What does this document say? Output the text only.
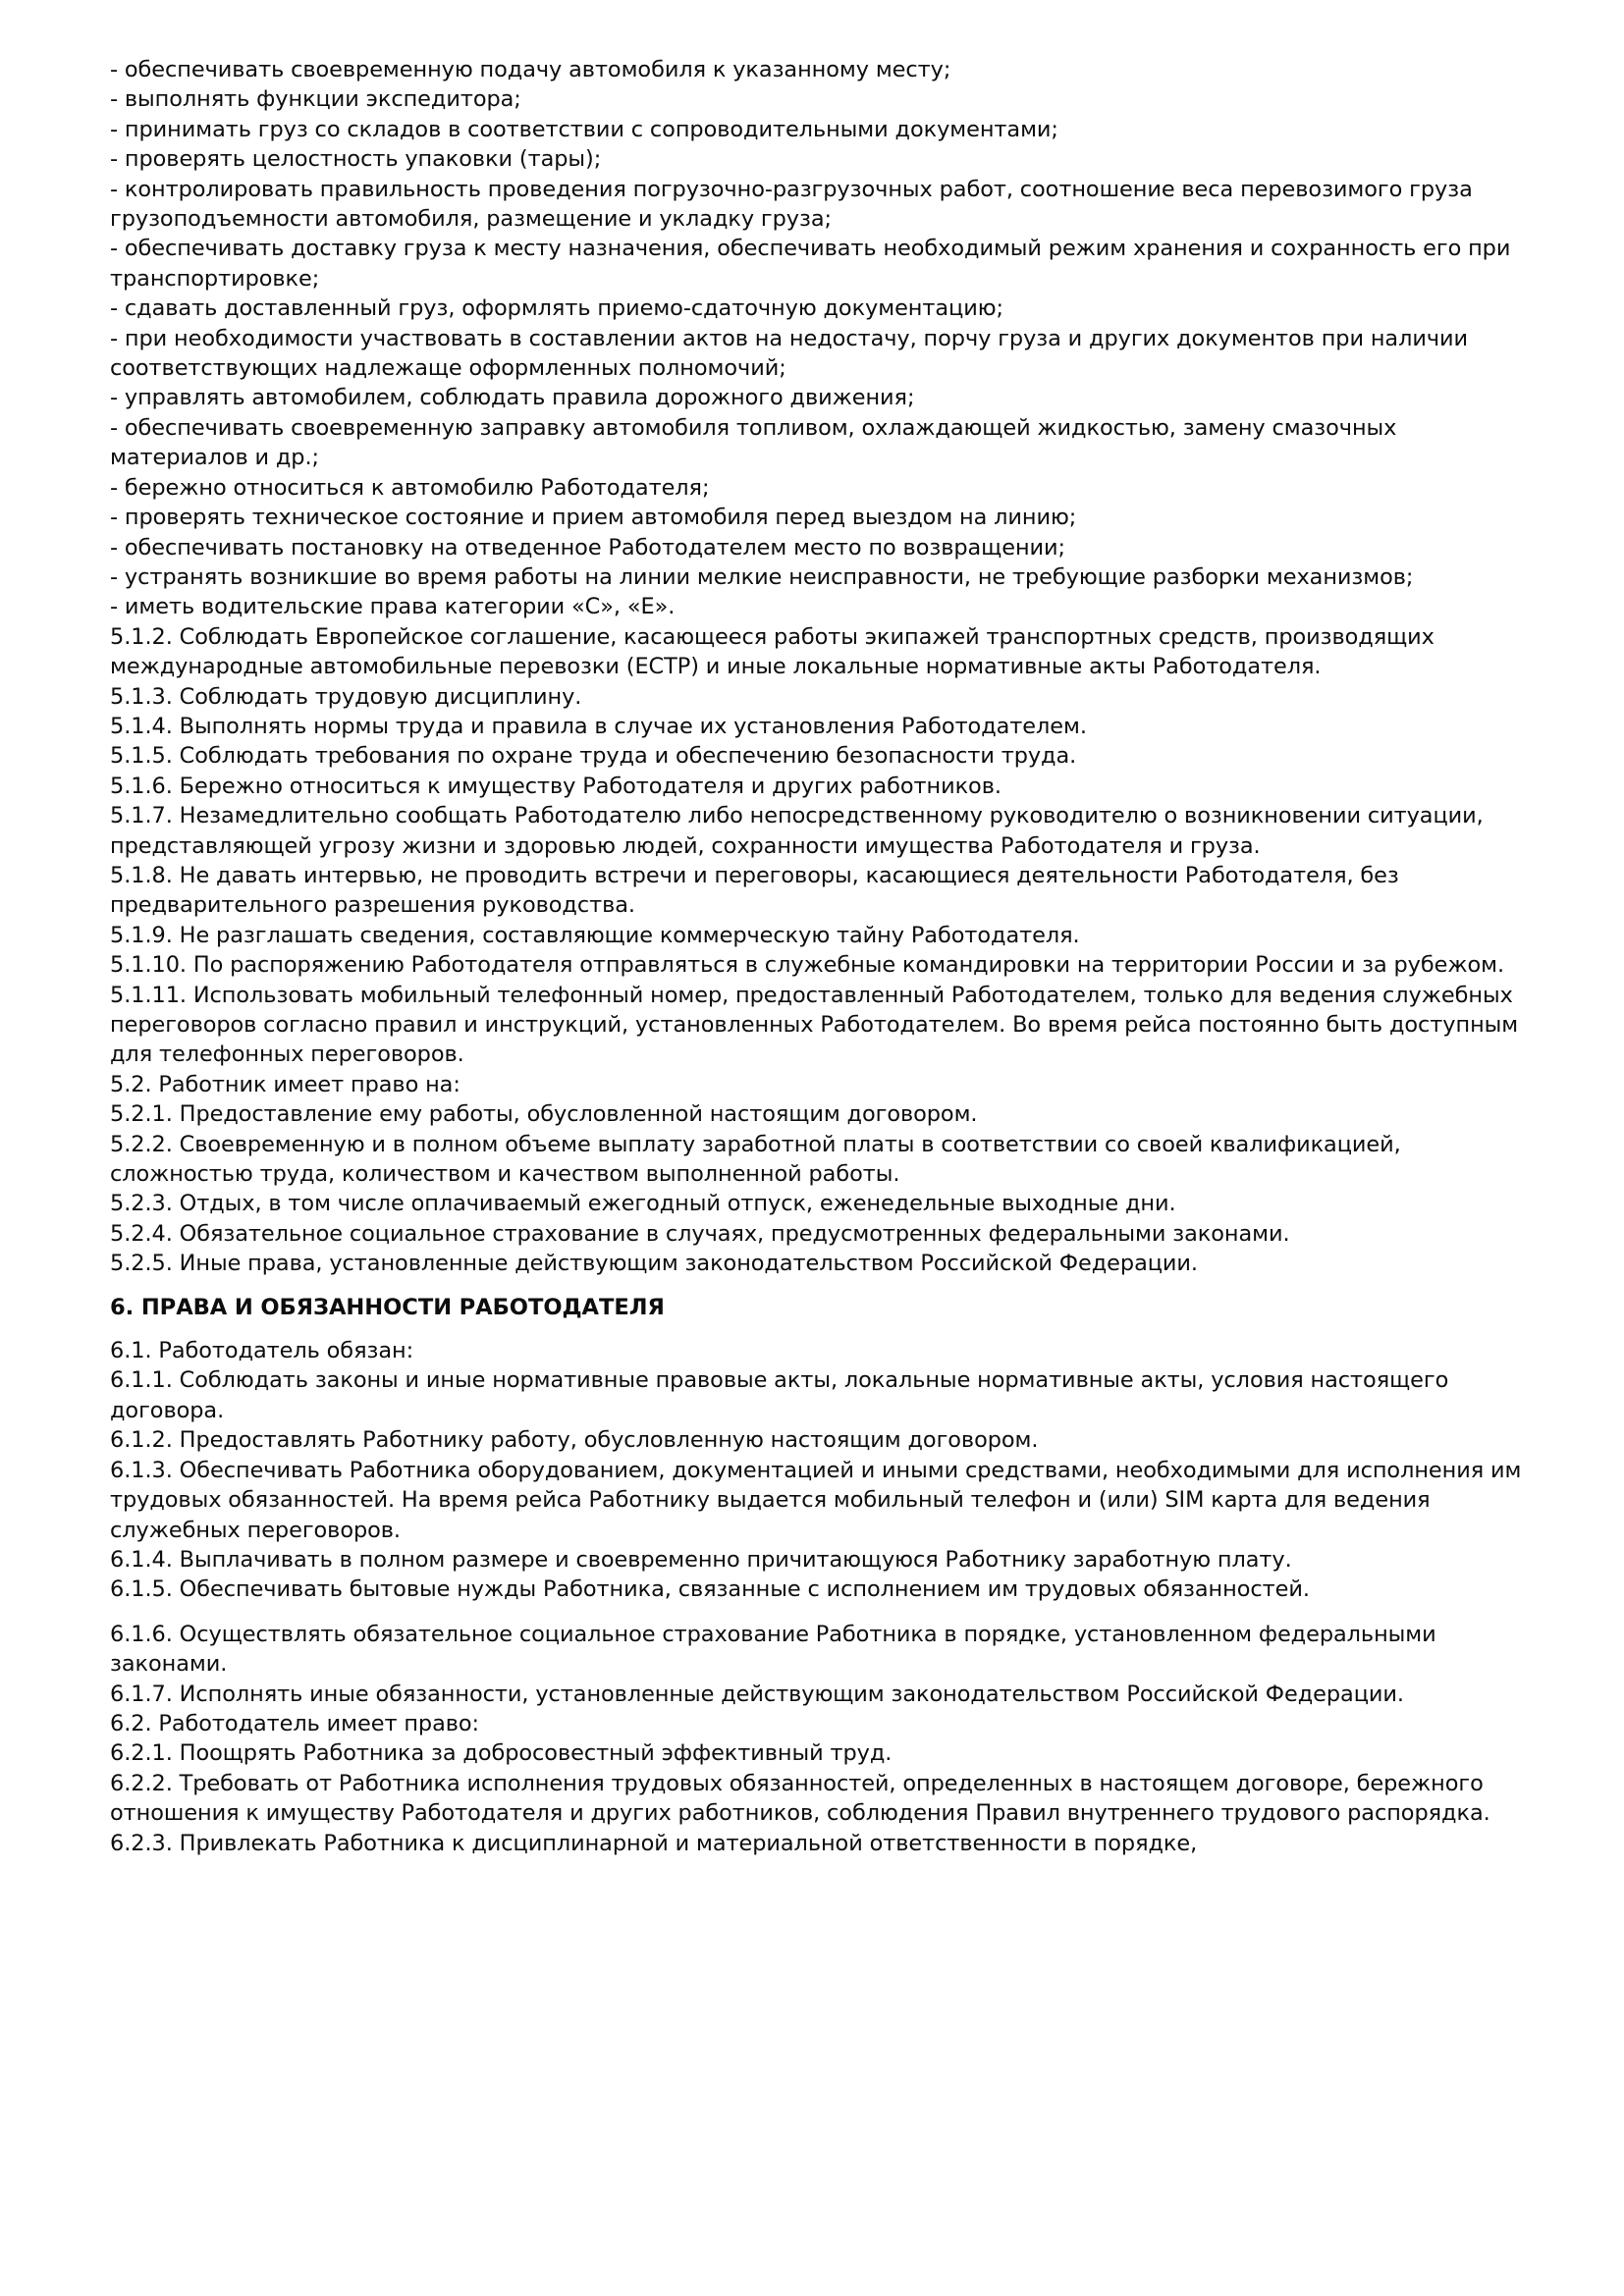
- обеспечивать своевременную подачу автомобиля к указанному месту;

- выполнять функции экспедитора;

- принимать груз со складов в соответствии с сопроводительными документами;

- проверять целостность упаковки (тары);

- контролировать правильность проведения погрузочно-разгрузочных работ, соотношение веса перевозимого груза грузоподъемности автомобиля, размещение и укладку груза;

- обеспечивать доставку груза к месту назначения, обеспечивать необходимый режим хранения и сохранность его при транспортировке;

- сдавать доставленный груз, оформлять приемо-сдаточную документацию;

- при необходимости участвовать в составлении актов на недостачу, порчу груза и других документов при наличии соответствующих надлежаще оформленных полномочий;

- управлять автомобилем, соблюдать правила дорожного движения;

- обеспечивать своевременную заправку автомобиля топливом, охлаждающей жидкостью, замену смазочных материалов и др.;

- бережно относиться к автомобилю Работодателя;

- проверять техническое состояние и прием автомобиля перед выездом на линию;

- обеспечивать постановку на отведенное Работодателем место по возвращении;

- устранять возникшие во время работы на линии мелкие неисправности, не требующие разборки механизмов;

- иметь водительские права категории «С», «Е».

5.1.2. Соблюдать Европейское соглашение, касающееся работы экипажей транспортных средств, производящих международные автомобильные перевозки (ЕСТР) и иные локальные нормативные акты Работодателя.

5.1.3. Соблюдать трудовую дисциплину.

5.1.4. Выполнять нормы труда и правила в случае их установления Работодателем.

5.1.5. Соблюдать требования по охране труда и обеспечению безопасности труда.

5.1.6. Бережно относиться к имуществу Работодателя и других работников.

5.1.7. Незамедлительно сообщать Работодателю либо непосредственному руководителю о возникновении ситуации, представляющей угрозу жизни и здоровью людей, сохранности имущества Работодателя и груза.

5.1.8. Не давать интервью, не проводить встречи и переговоры, касающиеся деятельности Работодателя, без предварительного разрешения руководства.

5.1.9. Не разглашать сведения, составляющие коммерческую тайну Работодателя.

5.1.10. По распоряжению Работодателя отправляться в служебные командировки на территории России и за рубежом.

5.1.11. Использовать мобильный телефонный номер, предоставленный Работодателем, только для ведения служебных переговоров согласно правил и инструкций, установленных Работодателем. Во время рейса постоянно быть доступным для телефонных переговоров.

5.2. Работник имеет право на:

5.2.1. Предоставление ему работы, обусловленной настоящим договором.

5.2.2. Своевременную и в полном объеме выплату заработной платы в соответствии со своей квалификацией, сложностью труда, количеством и качеством выполненной работы.

5.2.3. Отдых, в том числе оплачиваемый ежегодный отпуск, еженедельные выходные дни.

5.2.4. Обязательное социальное страхование в случаях, предусмотренных федеральными законами.

5.2.5. Иные права, установленные действующим законодательством Российской Федерации.

6. ПРАВА И ОБЯЗАННОСТИ РАБОТОДАТЕЛЯ

6.1. Работодатель обязан:

6.1.1. Соблюдать законы и иные нормативные правовые акты, локальные нормативные акты, условия настоящего договора.

6.1.2. Предоставлять Работнику работу, обусловленную настоящим договором.

6.1.3. Обеспечивать Работника оборудованием, документацией и иными средствами, необходимыми для исполнения им трудовых обязанностей. На время рейса Работнику выдается мобильный телефон и (или) SIM карта для ведения служебных переговоров.

6.1.4. Выплачивать в полном размере и своевременно причитающуюся Работнику заработную плату.

6.1.5. Обеспечивать бытовые нужды Работника, связанные с исполнением им трудовых обязанностей.

6.1.6. Осуществлять обязательное социальное страхование Работника в порядке, установленном федеральными законами.

6.1.7. Исполнять иные обязанности, установленные действующим законодательством Российской Федерации.

6.2. Работодатель имеет право:

6.2.1. Поощрять Работника за добросовестный эффективный труд.

6.2.2. Требовать от Работника исполнения трудовых обязанностей, определенных в настоящем договоре, бережного отношения к имуществу Работодателя и других работников, соблюдения Правил внутреннего трудового распорядка.

6.2.3. Привлекать Работника к дисциплинарной и материальной ответственности в порядке,
